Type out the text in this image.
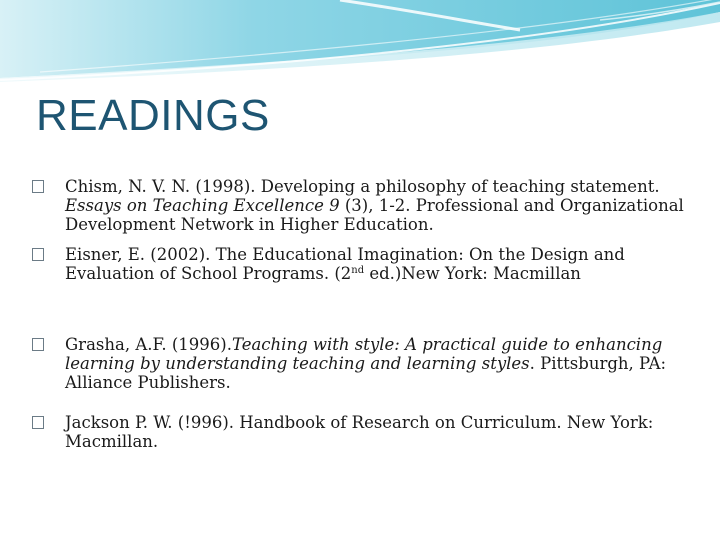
READINGS
Chism, N. V. N. (1998). Developing a philosophy of teaching statement. Essays on Teaching Excellence 9 (3), 1-2. Professional and Organizational Development Network in Higher Education.
Eisner, E. (2002). The Educational Imagination: On the Design and Evaluation of School Programs. (2nd ed.)New York: Macmillan
Grasha, A.F. (1996).Teaching with style: A practical guide to enhancing learning by understanding teaching and learning styles. Pittsburgh, PA: Alliance Publishers.
Jackson P. W. (!996). Handbook of Research on Curriculum. New York: Macmillan.
